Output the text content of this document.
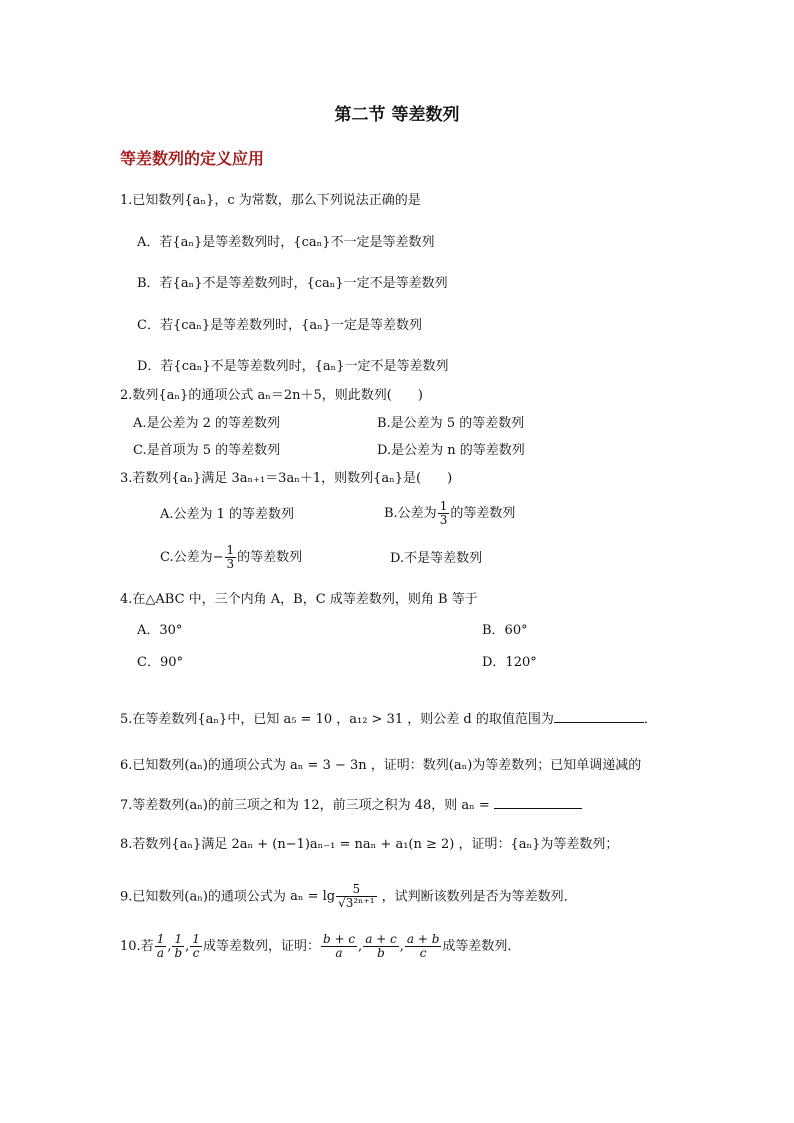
第二节 等差数列
等差数列的定义应用
1.已知数列{aₙ}，c 为常数，那么下列说法正确的是
A．若{aₙ}是等差数列时，{caₙ}不一定是等差数列
B．若{aₙ}不是等差数列时，{caₙ}一定不是等差数列
C．若{caₙ}是等差数列时，{aₙ}一定是等差数列
D．若{caₙ}不是等差数列时，{aₙ}一定不是等差数列
2.数列{aₙ}的通项公式 aₙ＝2n＋5，则此数列(　　)
A.是公差为 2 的等差数列	B.是公差为 5 的等差数列
C.是首项为 5 的等差数列	D.是公差为 n 的等差数列
3.若数列{aₙ}满足 3aₙ₊₁＝3aₙ＋1，则数列{aₙ}是(　　)
A.公差为 1 的等差数列	B.公差为 $\frac{1}{3}$ 的等差数列
C.公差为− $\frac{1}{3}$ 的等差数列	D.不是等差数列
4.在△ABC 中，三个内角 A，B，C 成等差数列，则角 B 等于
A．30°	B．60°
C．90°	D．120°
5.在等差数列{aₙ}中，已知 a₅ = 10 ，a₁₂ > 31 ，则公差 d 的取值范围为	．
6.已知数列(aₙ)的通项公式为 aₙ = 3 − 3n ，证明：数列(aₙ)为等差数列；已知单调递减的
7.等差数列(aₙ)的前三项之和为 12，前三项之积为 48，则 aₙ =
8.若数列{aₙ}满足 2aₙ + (n−1)aₙ₋₁ = naₙ + a₁(n ≥ 2) ，证明：{aₙ}为等差数列；
9.已知数列(aₙ)的通项公式为 $a_n = \lg \frac{5}{\text{√3²ⁿ⁺¹}}$ ，试判断该数列是否为等差数列．
10.若 $\frac{1}{a}$ , $\frac{1}{b}$ , $\frac{1}{c}$ 成等差数列，证明： $\frac{b + c}{a}$ , $\frac{a + c}{b}$ , $\frac{a + b}{c}$ 成等差数列．
